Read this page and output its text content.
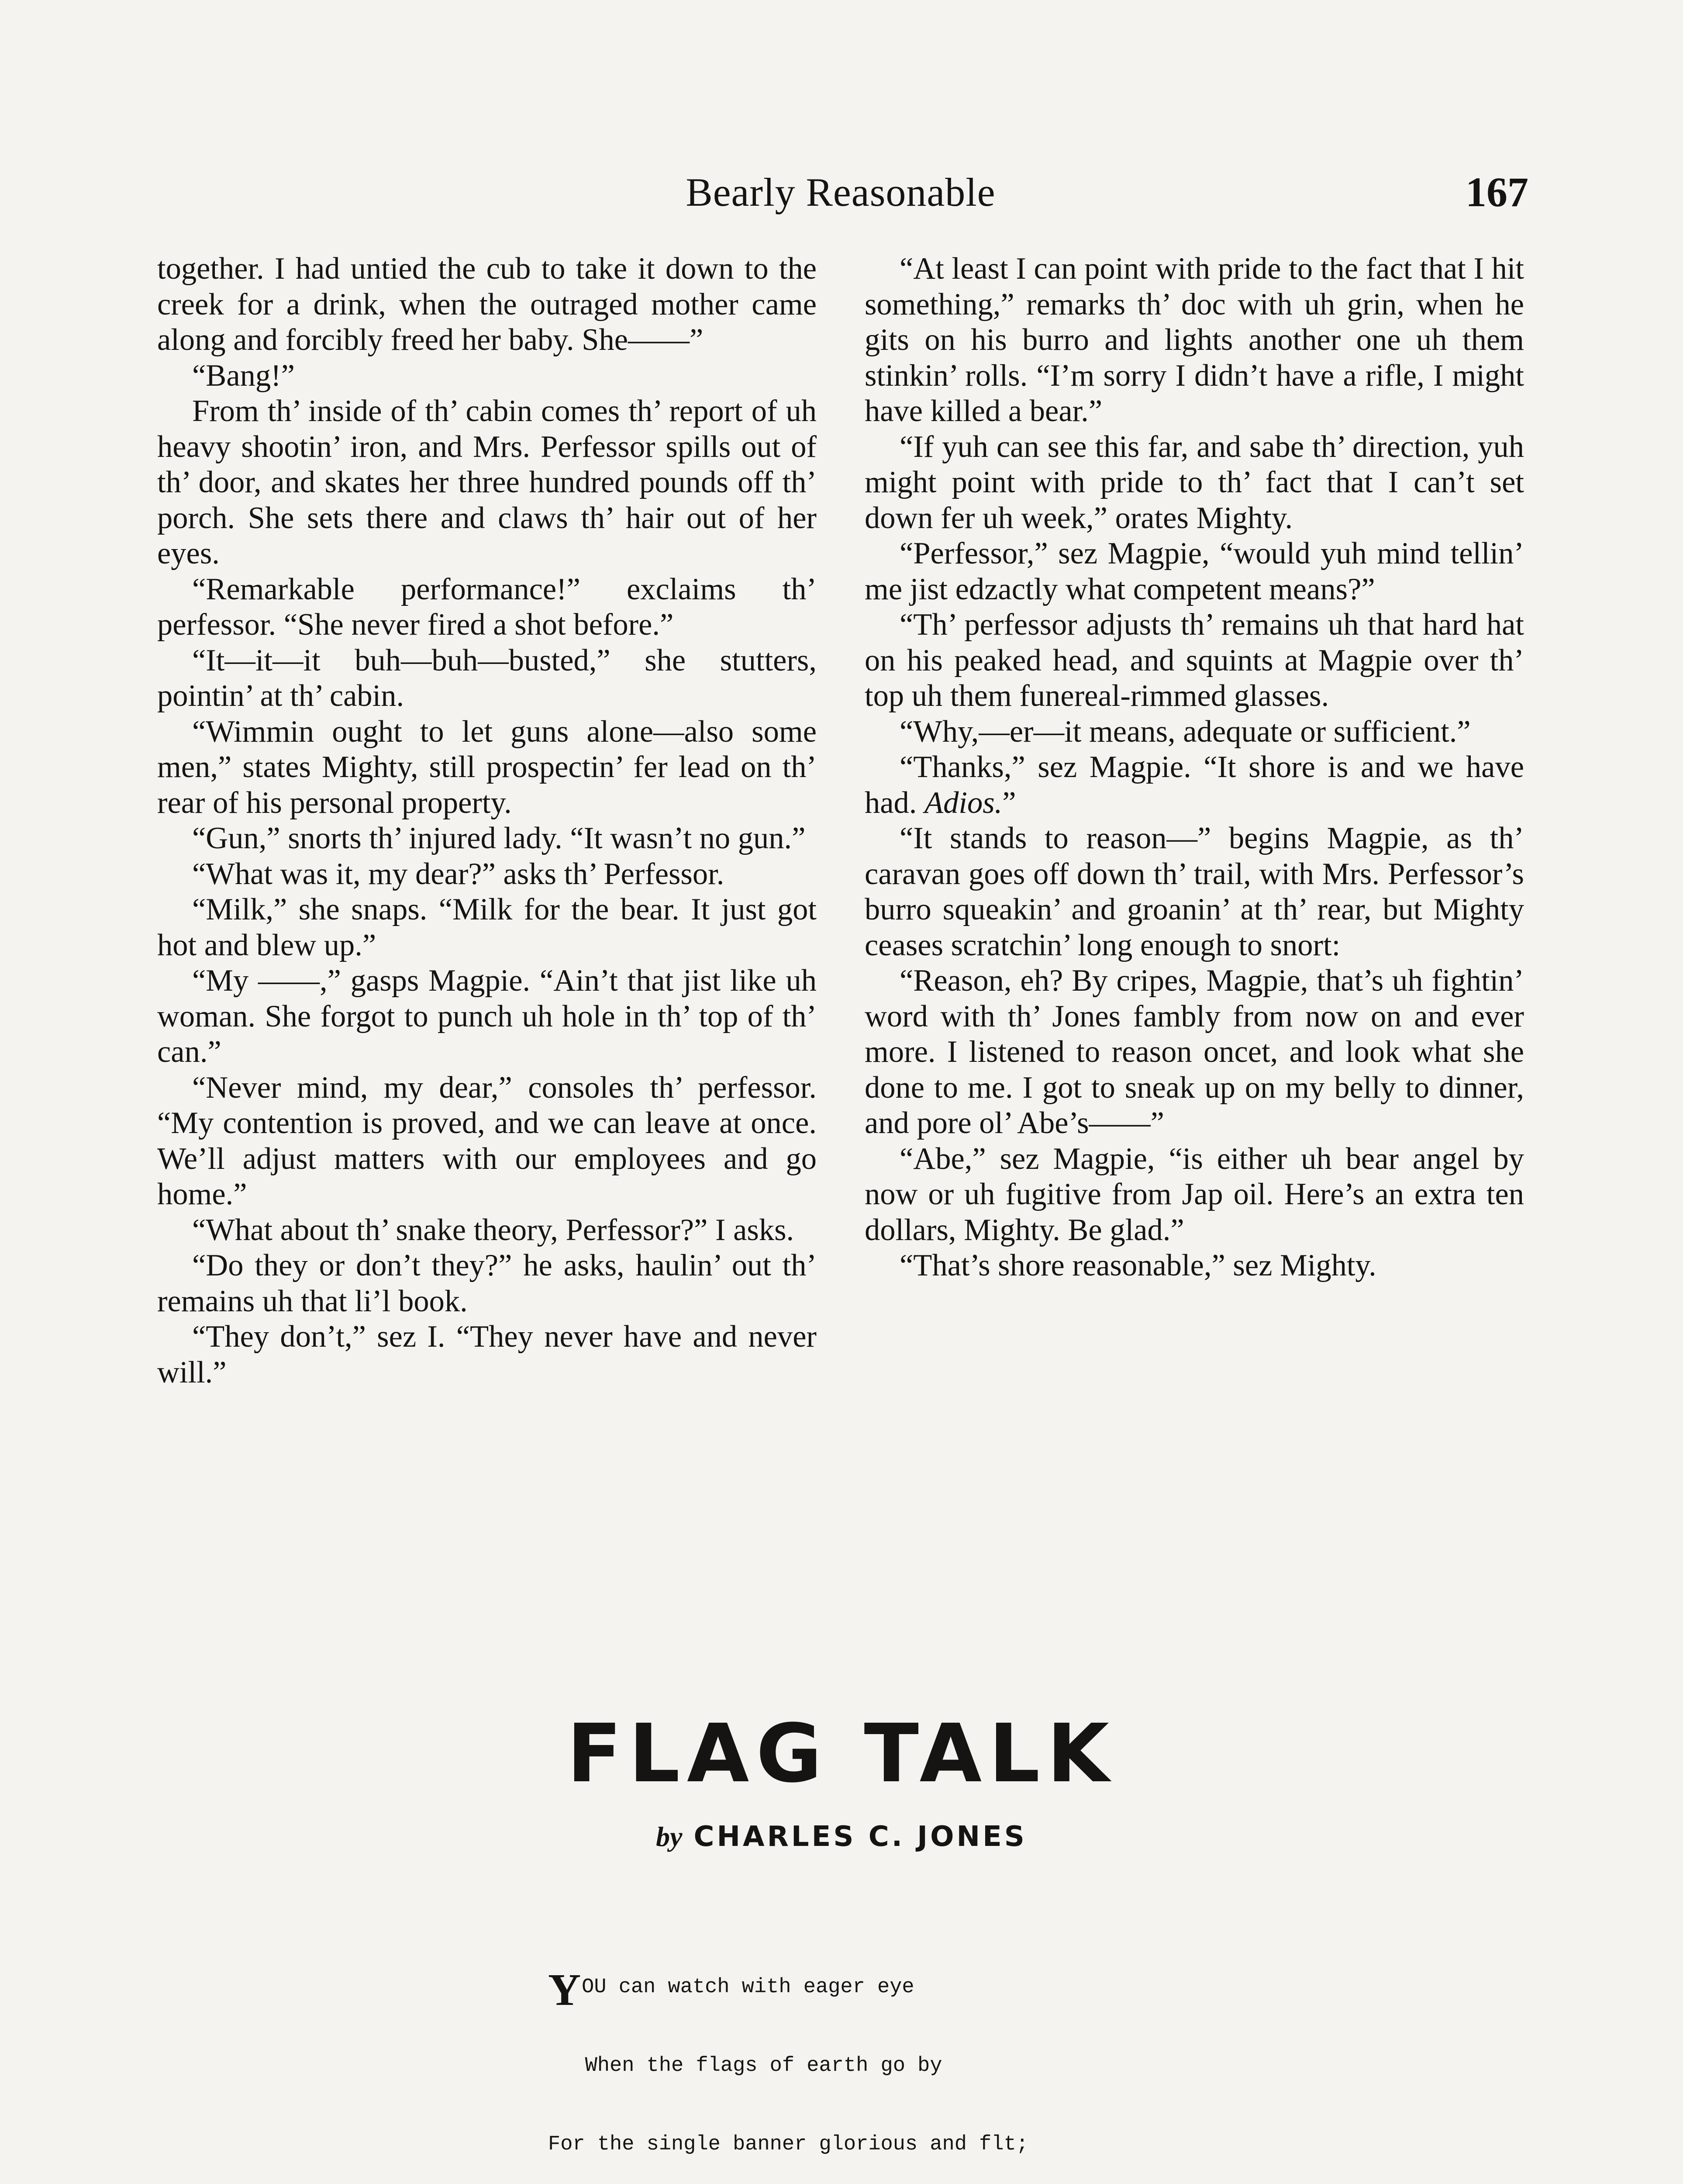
Bearly Reasonable	167

together. I had untied the cub to take it down to the creek for a drink, when the outraged mother came along and forcibly freed her baby. She——”

“Bang!”

From th’ inside of th’ cabin comes th’ report of uh heavy shootin’ iron, and Mrs. Perfessor spills out of th’ door, and skates her three hundred pounds off th’ porch. She sets there and claws th’ hair out of her eyes.

“Remarkable performance!” exclaims th’ perfessor. “She never fired a shot before.”

“It—it—it buh—buh—busted,” she stutters, pointin’ at th’ cabin.

“Wimmin ought to let guns alone—also some men,” states Mighty, still prospectin’ fer lead on th’ rear of his personal property.

“Gun,” snorts th’ injured lady. “It wasn’t no gun.”

“What was it, my dear?” asks th’ Perfessor.

“Milk,” she snaps. “Milk for the bear. It just got hot and blew up.”

“My ——,” gasps Magpie. “Ain’t that jist like uh woman. She forgot to punch uh hole in th’ top of th’ can.”

“Never mind, my dear,” consoles th’ perfessor. “My contention is proved, and we can leave at once. We’ll adjust matters with our employees and go home.”

“What about th’ snake theory, Perfessor?” I asks.

“Do they or don’t they?” he asks, haulin’ out th’ remains uh that li’l book.

“They don’t,” sez I. “They never have and never will.”

“At least I can point with pride to the fact that I hit something,” remarks th’ doc with uh grin, when he gits on his burro and lights another one uh them stinkin’ rolls. “I’m sorry I didn’t have a rifle, I might have killed a bear.”

“If yuh can see this far, and sabe th’ direction, yuh might point with pride to th’ fact that I can’t set down fer uh week,” orates Mighty.

“Perfessor,” sez Magpie, “would yuh mind tellin’ me jist edzactly what competent means?”

“Th’ perfessor adjusts th’ remains uh that hard hat on his peaked head, and squints at Magpie over th’ top uh them funereal-rimmed glasses.

“Why,—er—it means, adequate or sufficient.”

“Thanks,” sez Magpie. “It shore is and we have had. Adios.”

“It stands to reason—” begins Magpie, as th’ caravan goes off down th’ trail, with Mrs. Perfessor’s burro squeakin’ and groanin’ at th’ rear, but Mighty ceases scratchin’ long enough to snort:

“Reason, eh? By cripes, Magpie, that’s uh fightin’ word with th’ Jones fambly from now on and ever more. I listened to reason oncet, and look what she done to me. I got to sneak up on my belly to dinner, and pore ol’ Abe’s——”

“Abe,” sez Magpie, “is either uh bear angel by now or uh fugitive from Jap oil. Here’s an extra ten dollars, Mighty. Be glad.”

“That’s shore reasonable,” sez Mighty.

FLAG TALK
by CHARLES C. JONES

YOU can watch with eager eye

When the flags of earth go by

For the single banner glorious and flt;
